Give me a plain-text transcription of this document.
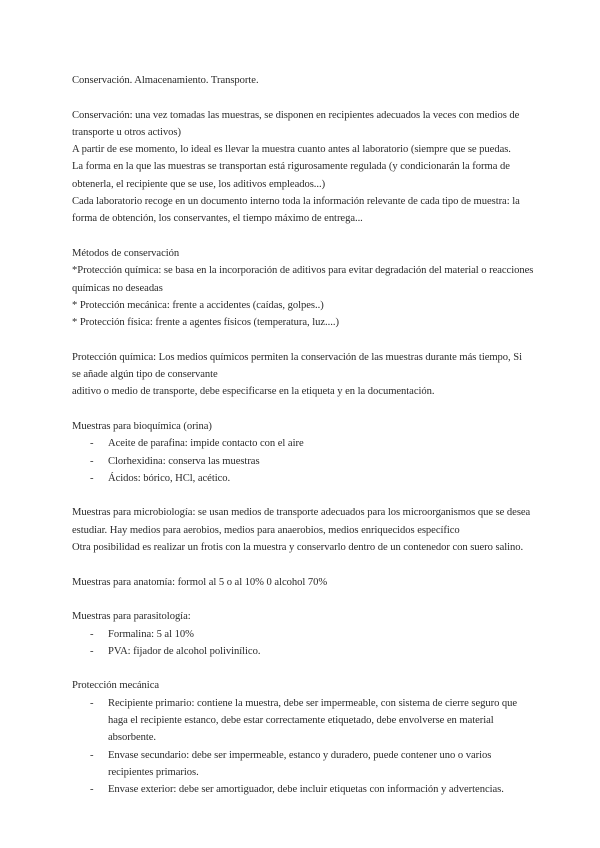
Conservación. Almacenamiento. Transporte.
Conservación: una vez tomadas las muestras, se disponen en recipientes adecuados la veces con medios de
transporte u otros activos)
A partir de ese momento, lo ideal es llevar la muestra cuanto antes al laboratorio (siempre que se puedas.
La forma en la que las muestras se transportan está rigurosamente regulada (y condicionarán la forma de
obtenerla, el recipiente que se use, los aditivos empleados...)
Cada laboratorio recoge en un documento interno toda la información relevante de cada tipo de muestra: la
forma de obtención, los conservantes, el tiempo máximo de entrega...
Métodos de conservación
*Protección química: se basa en la incorporación de aditivos para evitar degradación del material o reacciones
químicas no deseadas
* Protección mecánica: frente a accidentes (caídas, golpes..)
* Protección física: frente a agentes físicos (temperatura, luz....)
Protección química: Los medios químicos permiten la conservación de las muestras durante más tiempo, Si
se añade algún tipo de conservante
aditivo o medio de transporte, debe especificarse en la etiqueta y en la documentación.
Muestras para bioquímica (orina)
- Aceite de parafina: impide contacto con el aire
- Clorhexidina: conserva las muestras
- Ácidos: bórico, HCl, acético.
Muestras para microbiología: se usan medios de transporte adecuados para los microorganismos que se desea
estudiar. Hay medios para aerobios, medios para anaerobios, medios enriquecidos específico
Otra posibilidad es realizar un frotis con la muestra y conservarlo dentro de un contenedor con suero salino.
Muestras para anatomía: formol al 5 o al 10% 0 alcohol 70%
Muestras para parasitología:
- Formalina: 5 al 10%
- PVA: fijador de alcohol polivinílico.
Protección mecánica
- Recipiente primario: contiene la muestra, debe ser impermeable, con sistema de cierre seguro que
haga el recipiente estanco, debe estar correctamente etiquetado, debe envolverse en material
absorbente.
- Envase secundario: debe ser impermeable, estanco y duradero, puede contener uno o varios
recipientes primarios.
- Envase exterior: debe ser amortiguador, debe incluir etiquetas con información y advertencias.
